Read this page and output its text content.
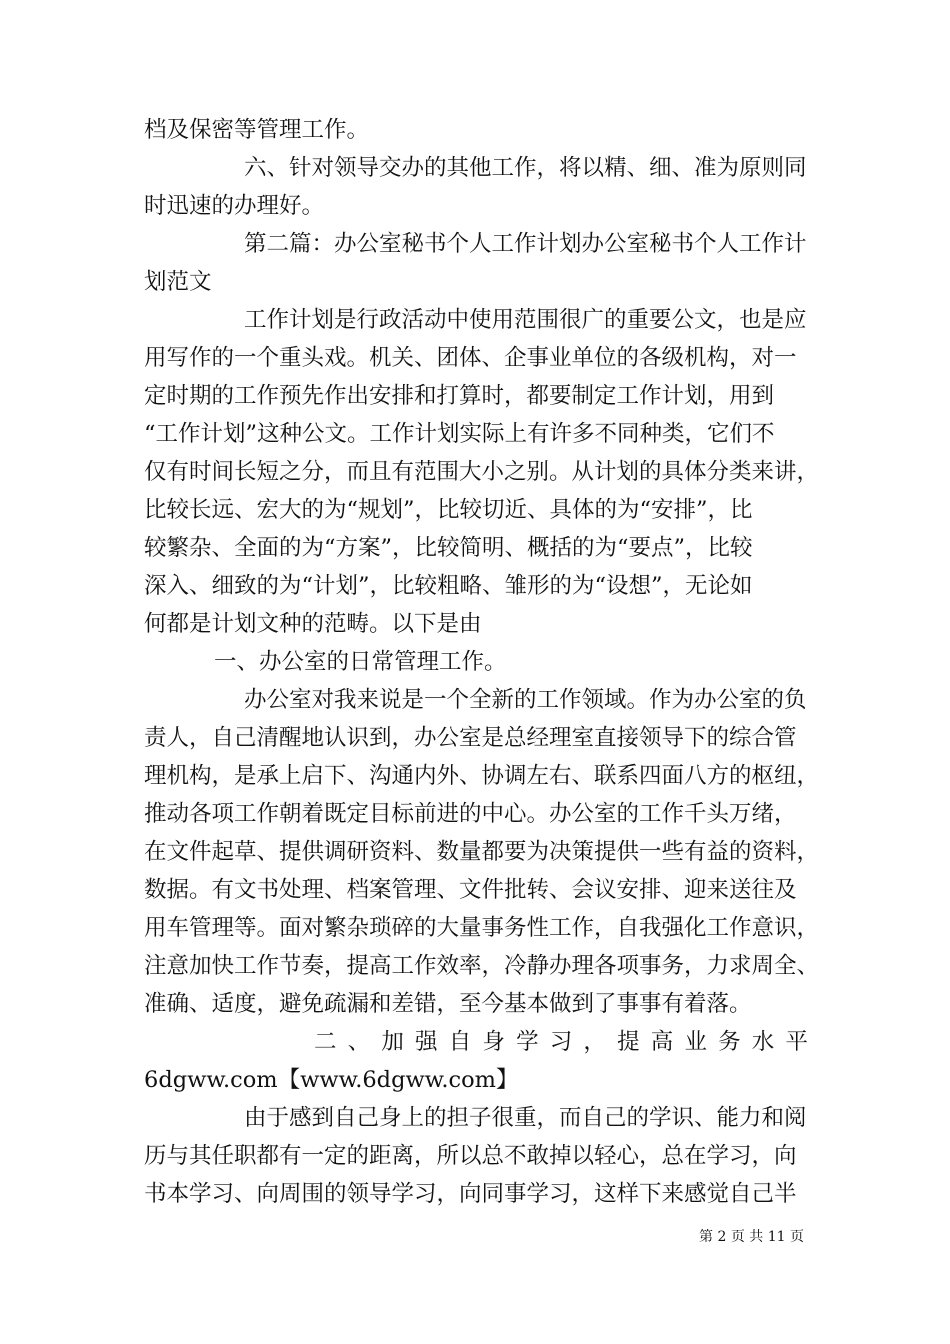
档及保密等管理工作。
六、针对领导交办的其他工作，将以精、细、准为原则同
时迅速的办理好。
第二篇：办公室秘书个人工作计划办公室秘书个人工作计
划范文
工作计划是行政活动中使用范围很广的重要公文，也是应
用写作的一个重头戏。机关、团体、企事业单位的各级机构，对一
定时期的工作预先作出安排和打算时，都要制定工作计划，用到
“工作计划”这种公文。工作计划实际上有许多不同种类，它们不
仅有时间长短之分，而且有范围大小之别。从计划的具体分类来讲，
比较长远、宏大的为“规划”，比较切近、具体的为“安排”，比
较繁杂、全面的为“方案”，比较简明、概括的为“要点”，比较
深入、细致的为“计划”，比较粗略、雏形的为“设想”，无论如
何都是计划文种的范畴。以下是由
一、办公室的日常管理工作。
办公室对我来说是一个全新的工作领域。作为办公室的负
责人，自己清醒地认识到，办公室是总经理室直接领导下的综合管
理机构，是承上启下、沟通内外、协调左右、联系四面八方的枢纽，
推动各项工作朝着既定目标前进的中心。办公室的工作千头万绪，
在文件起草、提供调研资料、数量都要为决策提供一些有益的资料，
数据。有文书处理、档案管理、文件批转、会议安排、迎来送往及
用车管理等。面对繁杂琐碎的大量事务性工作，自我强化工作意识，
注意加快工作节奏，提高工作效率，冷静办理各项事务，力求周全、
准确、适度，避免疏漏和差错，至今基本做到了事事有着落。
二、加强自身学习，提高业务水平
6dgww.com【www.6dgww.com】
由于感到自己身上的担子很重，而自己的学识、能力和阅
历与其任职都有一定的距离，所以总不敢掉以轻心，总在学习，向
书本学习、向周围的领导学习，向同事学习，这样下来感觉自己半
第 2 页 共 11 页
